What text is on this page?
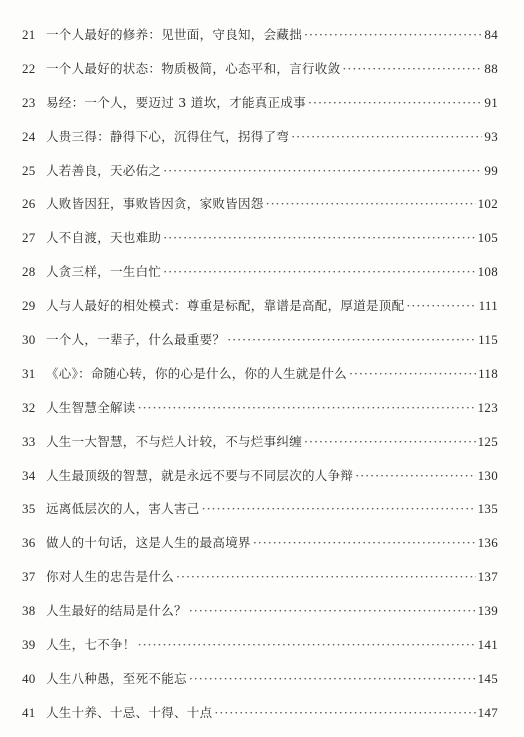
21 一个人最好的修养：见世面，守良知，会藏拙 ·····	84
22 一个人最好的状态：物质极简，心态平和，言行收敛 ·····	88
23 易经：一个人，要迈过 3 道坎，才能真正成事 ·····	91
24 人贵三得：静得下心，沉得住气，拐得了弯 ·····	93
25 人若善良，天必佑之 ·····	99
26 人败皆因狂，事败皆因贪，家败皆因怨 ·····	102
27 人不自渡，天也难助 ·····	105
28 人贪三样，一生白忙 ·····	108
29 人与人最好的相处模式：尊重是标配，靠谱是高配，厚道是顶配 ·····	111
30 一个人，一辈子，什么最重要？ ·····	115
31 《心》：命随心转，你的心是什么，你的人生就是什么 ·····	118
32 人生智慧全解读 ·····	123
33 人生一大智慧，不与烂人计较，不与烂事纠缠 ·····	125
34 人生最顶级的智慧，就是永远不要与不同层次的人争辩 ·····	130
35 远离低层次的人，害人害己 ·····	135
36 做人的十句话，这是人生的最高境界 ·····	136
37 你对人生的忠告是什么 ·····	137
38 人生最好的结局是什么？ ·····	139
39 人生，七不争！ ·····	141
40 人生八种愚，至死不能忘 ·····	145
41 人生十养、十忌、十得、十点 ·····	147
